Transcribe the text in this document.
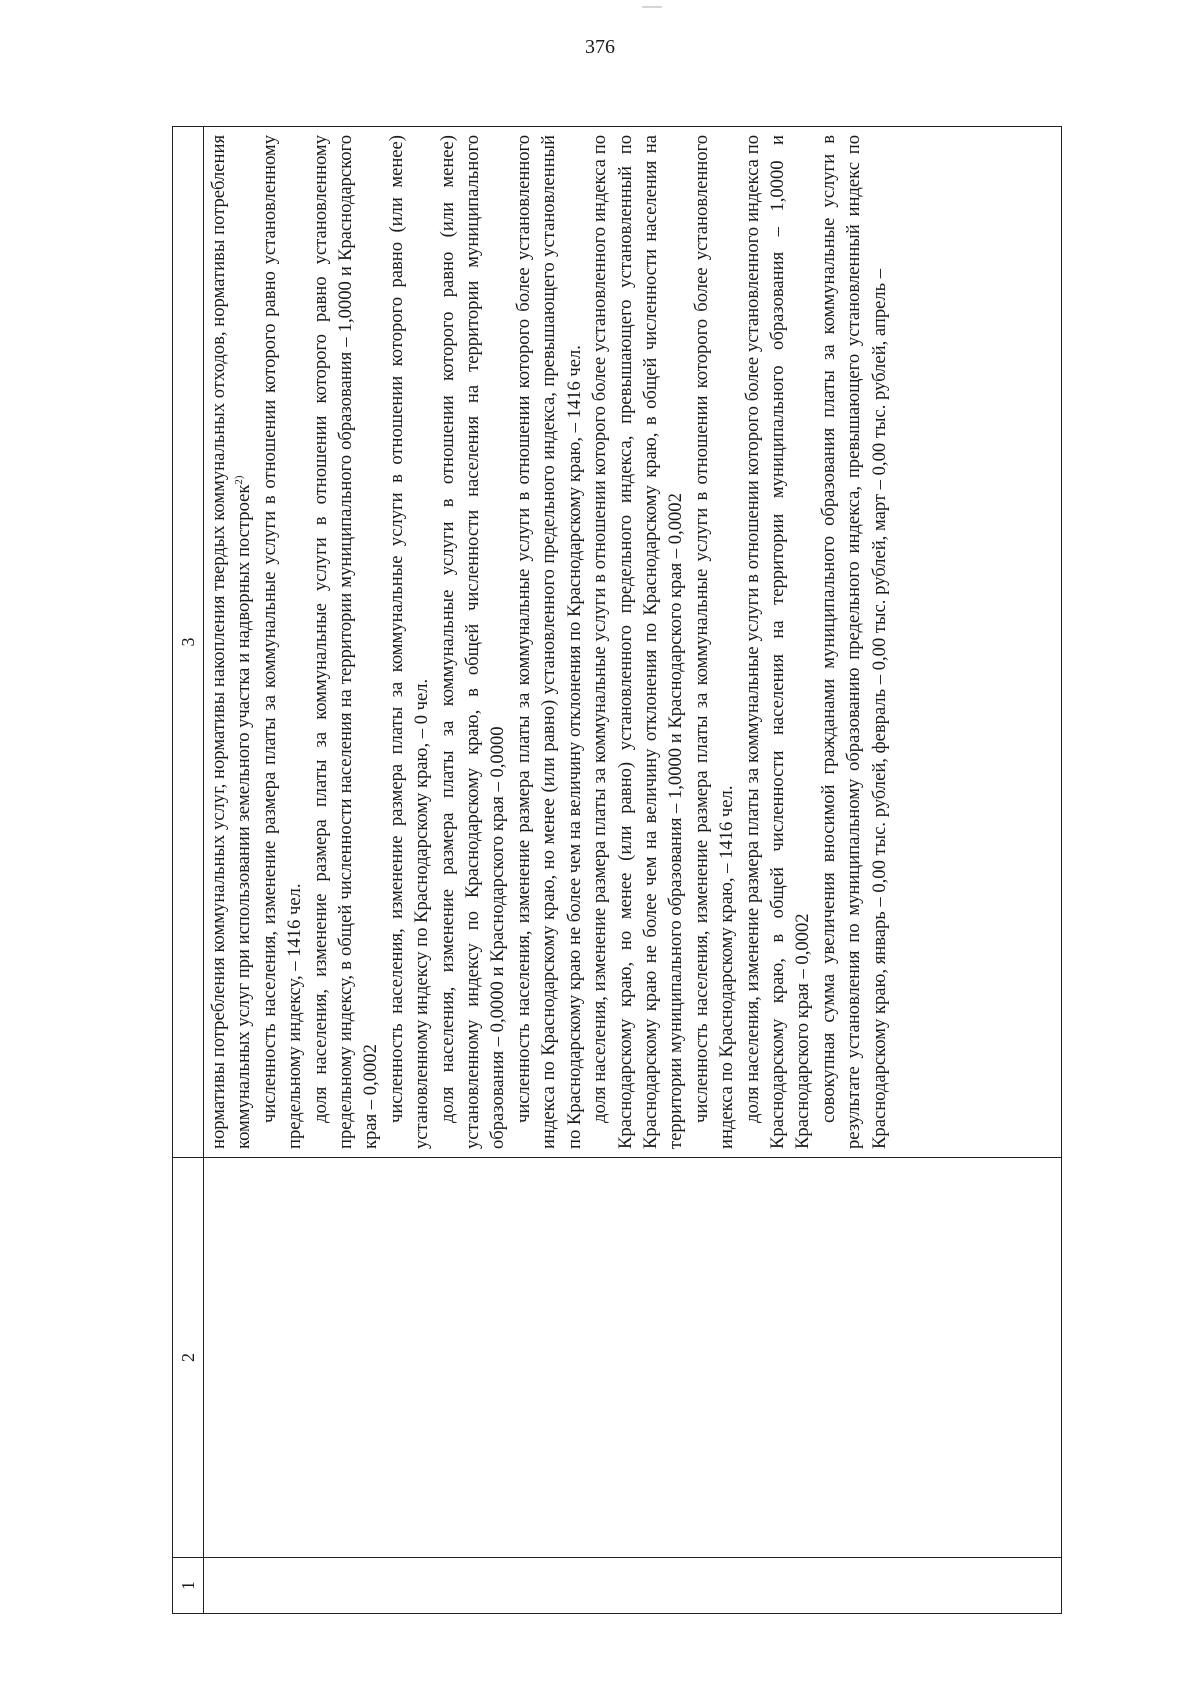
376
1
2
3 нормативы потребления коммунальных услуг, нормативы накопления твердых коммунальных отходов, нормативы потребления коммунальных услуг при использовании земельного участка и надворных построек$^{2)}$ численность населения, изменение размера платы за коммунальные услуги в отношении которого равно установленному предельному индексу, – 1416 чел. доля населения, изменение размера платы за коммунальные услуги в отношении которого равно установленному предельному индексу, в общей численности населения на территории муниципального образования – 1,0000 и Краснодарского края – 0,0002 численность населения, изменение размера платы за коммунальные услуги в отношении которого равно (или менее) установленному индексу по Краснодарскому краю, – 0 чел. доля населения, изменение размера платы за коммунальные услуги в отношении которого равно (или менее) установленному индексу по Краснодарскому краю, в общей численности населения на территории муниципального образования – 0,0000 и Краснодарского края – 0,0000 численность населения, изменение размера платы за коммунальные услуги в отношении которого более установленного индекса по Краснодарскому краю, но менее (или равно) установленного предельного индекса, превышающего установленный по Краснодарскому краю не более чем на величину отклонения по Краснодарскому краю, – 1416 чел. доля населения, изменение размера платы за коммунальные услуги в отношении которого более установленного индекса по Краснодарскому краю, но менее (или равно) установленного предельного индекса, превышающего установленный по Краснодарскому краю не более чем на величину отклонения по Краснодарскому краю, в общей численности населения на территории муниципального образования – 1,0000 и Краснодарского края – 0,0002 численность населения, изменение размера платы за коммунальные услуги в отношении которого более установленного индекса по Краснодарскому краю, – 1416 чел. доля населения, изменение размера платы за коммунальные услуги в отношении которого более установленного индекса по Краснодарскому краю, в общей численности населения на территории муниципального образования – 1,0000 и Краснодарского края – 0,0002 совокупная сумма увеличения вносимой гражданами муниципального образования платы за коммунальные услуги в результате установления по муниципальному образованию предельного индекса, превышающего установленный индекс по Краснодарскому краю, январь – 0,00 тыс. рублей, февраль – 0,00 тыс. рублей, март – 0,00 тыс. рублей, апрель –
